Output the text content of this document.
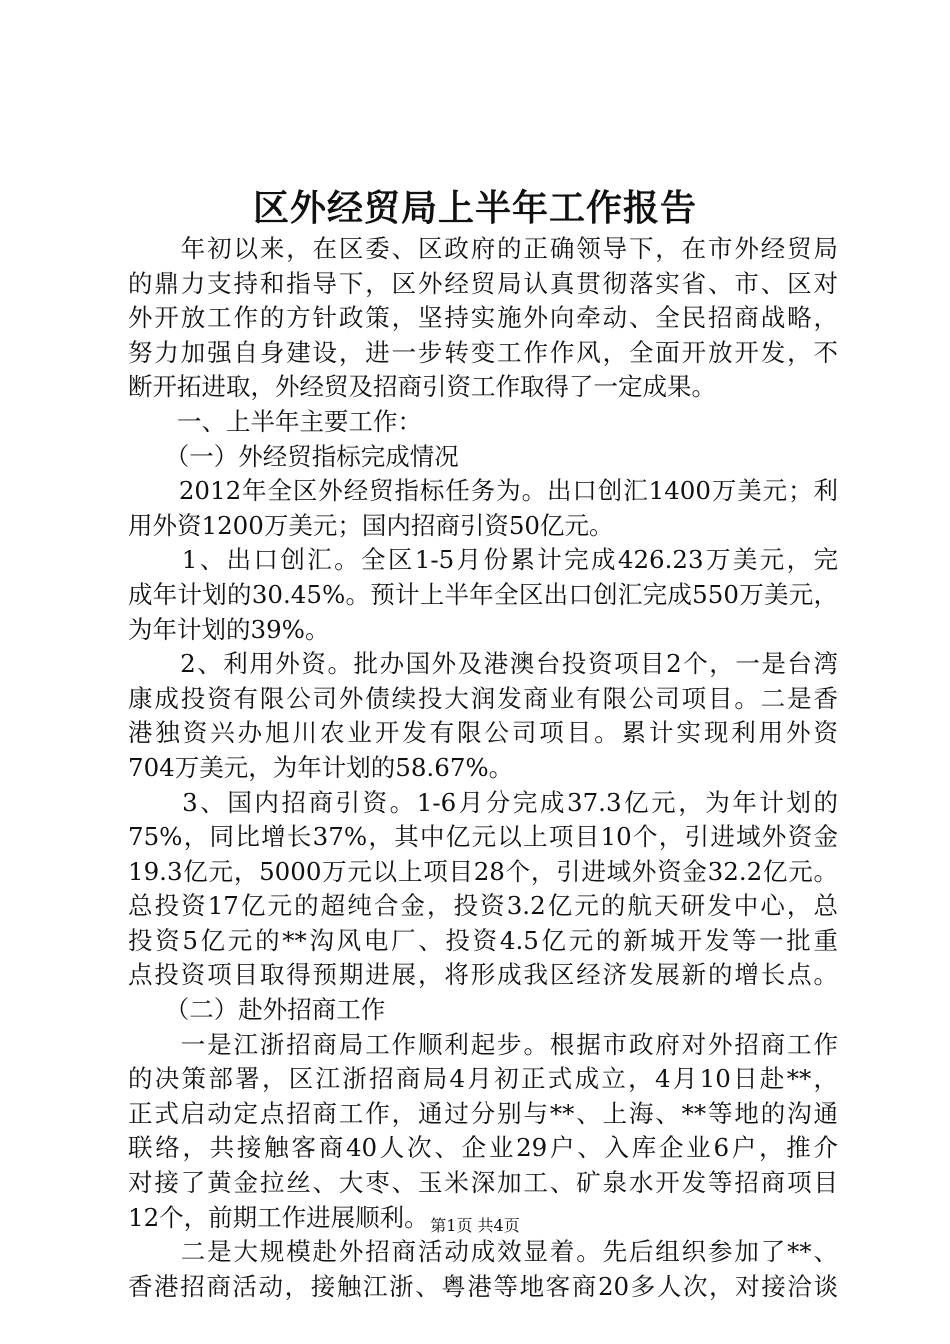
区外经贸局上半年工作报告
　　年初以来，在区委、区政府的正确领导下，在市外经贸局
的鼎力支持和指导下，区外经贸局认真贯彻落实省、市、区对
外开放工作的方针政策，坚持实施外向牵动、全民招商战略，
努力加强自身建设，进一步转变工作作风，全面开放开发，不
断开拓进取，外经贸及招商引资工作取得了一定成果。
　　一、上半年主要工作：
　　（一）外经贸指标完成情况
　　2012年全区外经贸指标任务为。出口创汇1400万美元；利
用外资1200万美元；国内招商引资50亿元。
　　1、出口创汇。全区1-5月份累计完成426.23万美元，完
成年计划的30.45%。预计上半年全区出口创汇完成550万美元，
为年计划的39%。
　　2、利用外资。批办国外及港澳台投资项目2个，一是台湾
康成投资有限公司外债续投大润发商业有限公司项目。二是香
港独资兴办旭川农业开发有限公司项目。累计实现利用外资
704万美元，为年计划的58.67%。
　　3、国内招商引资。1-6月分完成37.3亿元，为年计划的
75%，同比增长37%，其中亿元以上项目10个，引进域外资金
19.3亿元，5000万元以上项目28个，引进域外资金32.2亿元。
总投资17亿元的超纯合金，投资3.2亿元的航天研发中心，总
投资5亿元的**沟风电厂、投资4.5亿元的新城开发等一批重
点投资项目取得预期进展，将形成我区经济发展新的增长点。
　　（二）赴外招商工作
　　一是江浙招商局工作顺利起步。根据市政府对外招商工作
的决策部署，区江浙招商局4月初正式成立，4月10日赴**，
正式启动定点招商工作，通过分别与**、上海、**等地的沟通
联络，共接触客商40人次、企业29户、入库企业6户，推介
对接了黄金拉丝、大枣、玉米深加工、矿泉水开发等招商项目
12个，前期工作进展顺利。
　　二是大规模赴外招商活动成效显着。先后组织参加了**、
香港招商活动，接触江浙、粤港等地客商20多人次，对接洽谈
第1页 共4页
